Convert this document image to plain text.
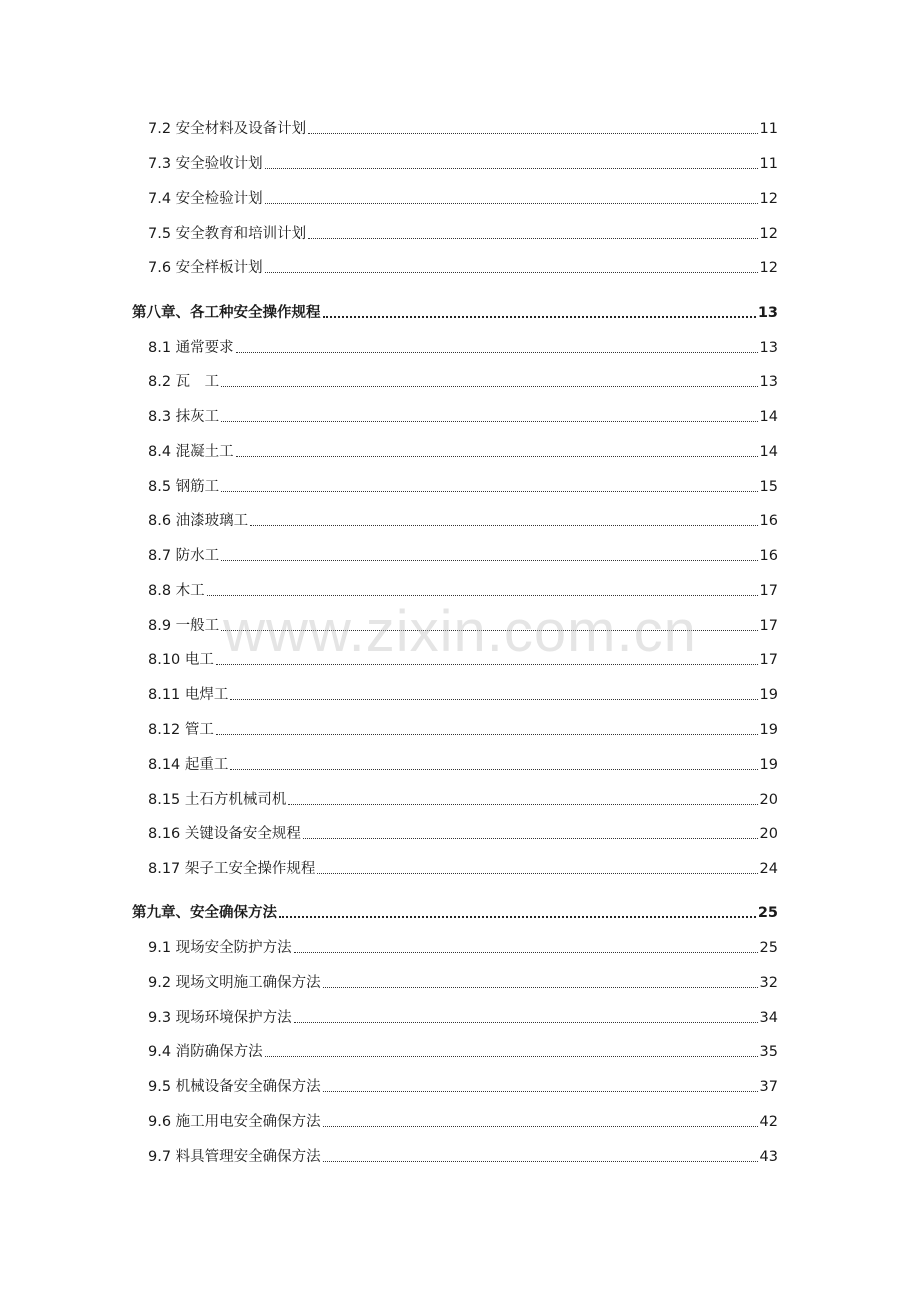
7.2 安全材料及设备计划	11
7.3 安全验收计划	11
7.4 安全检验计划	12
7.5 安全教育和培训计划	12
7.6 安全样板计划	12
第八章、各工种安全操作规程	13
8.1 通常要求	13
8.2 瓦　工	13
8.3 抹灰工	14
8.4 混凝土工	14
8.5 钢筋工	15
8.6 油漆玻璃工	16
8.7 防水工	16
8.8 木工	17
8.9 一般工	17
8.10 电工	17
8.11 电焊工	19
8.12 管工	19
8.14 起重工	19
8.15 土石方机械司机	20
8.16 关键设备安全规程	20
8.17 架子工安全操作规程	24
第九章、安全确保方法	25
9.1 现场安全防护方法	25
9.2 现场文明施工确保方法	32
9.3 现场环境保护方法	34
9.4 消防确保方法	35
9.5 机械设备安全确保方法	37
9.6 施工用电安全确保方法	42
9.7 料具管理安全确保方法	43
www.zixin.com.cn
